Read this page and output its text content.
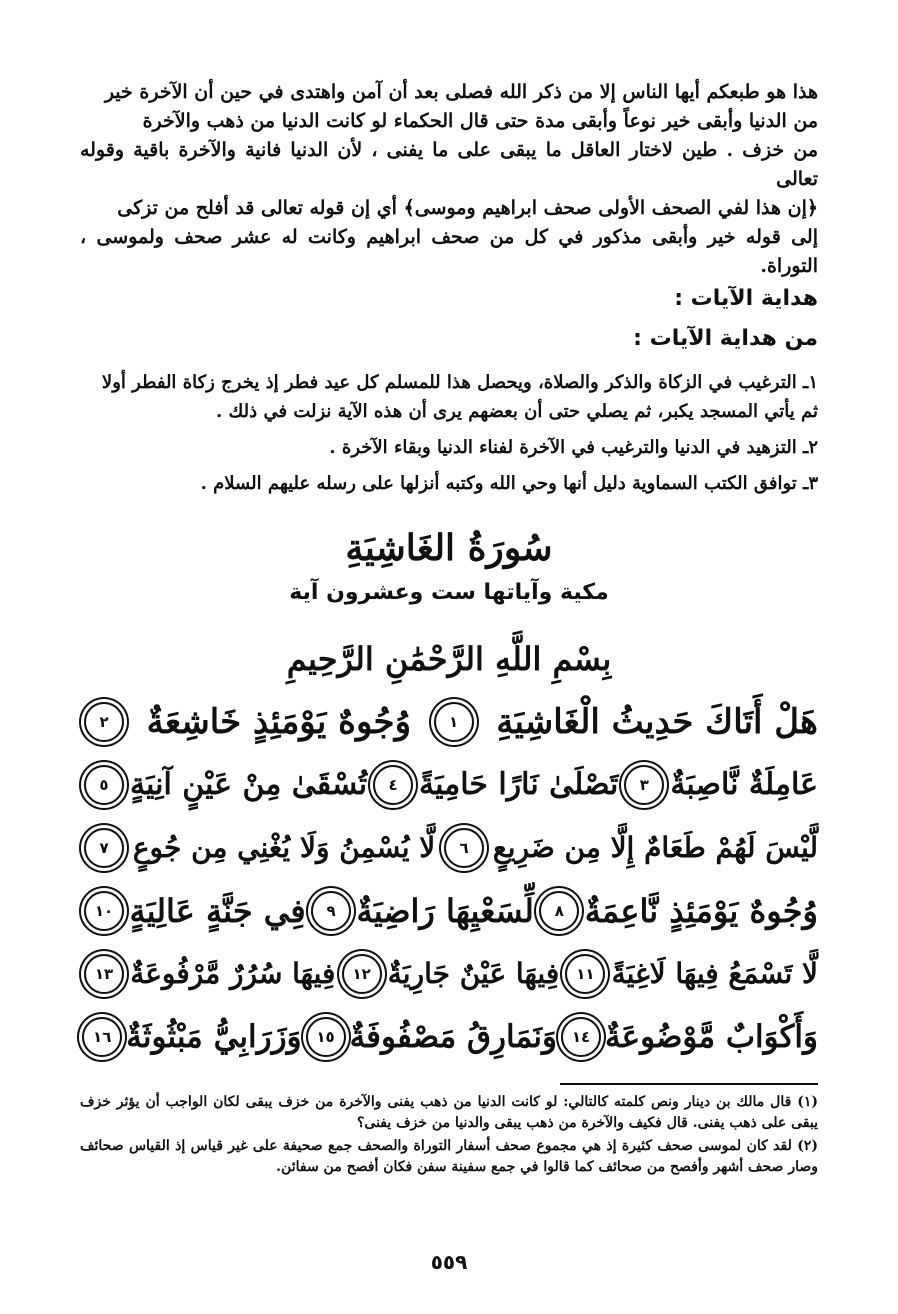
هذا هو طبعكم أيها الناس إلا من ذكر الله فصلى بعد أن آمن واهتدى في حين أن الآخرة خير
من الدنيا وأبقى خير نوعاً وأبقى مدة حتى قال الحكماء لو كانت الدنيا من ذهب والآخرة
من خزف . طين لاختار العاقل ما يبقى على ما يفنى ، لأن الدنيا فانية والآخرة باقية وقوله تعالى
﴿إن هذا لفي الصحف الأولى صحف ابراهيم وموسى﴾ أي إن قوله تعالى قد أفلح من تزكى
إلى قوله خير وأبقى مذكور في كل من صحف ابراهيم وكانت له عشر صحف ولموسى ، التوراة.
هداية الآيات :
من هداية الآيات :

١ـ الترغيب في الزكاة والذكر والصلاة، ويحصل هذا للمسلم كل عيد فطر إذ يخرج زكاة الفطر أولا ثم يأتي المسجد يكبر، ثم يصلي حتى أن بعضهم يرى أن هذه الآية نزلت في ذلك .

٢ـ التزهيد في الدنيا والترغيب في الآخرة لفناء الدنيا وبقاء الآخرة .

٣ـ توافق الكتب السماوية دليل أنها وحي الله وكتبه أنزلها على رسله عليهم السلام .

سُورَةُ الغَاشِيَةِ
مكية وآياتها ست وعشرون آية
بِسْمِ اللَّهِ الرَّحْمَٰنِ الرَّحِيمِ
هَلْ أَتَاكَ حَدِيثُ الْغَاشِيَةِ
١
وُجُوهٌ يَوْمَئِذٍ خَاشِعَةٌ
٢
عَامِلَةٌ نَّاصِبَةٌ
٣
تَصْلَىٰ نَارًا حَامِيَةً
٤
تُسْقَىٰ مِنْ عَيْنٍ آنِيَةٍ
٥
لَّيْسَ لَهُمْ طَعَامٌ إِلَّا مِن ضَرِيعٍ
٦
لَّا يُسْمِنُ وَلَا يُغْنِي مِن جُوعٍ
٧
وُجُوهٌ يَوْمَئِذٍ نَّاعِمَةٌ
٨
لِّسَعْيِهَا رَاضِيَةٌ
٩
فِي جَنَّةٍ عَالِيَةٍ
١٠
لَّا تَسْمَعُ فِيهَا لَاغِيَةً
١١
فِيهَا عَيْنٌ جَارِيَةٌ
١٢
فِيهَا سُرُرٌ مَّرْفُوعَةٌ
١٣
وَأَكْوَابٌ مَّوْضُوعَةٌ
١٤
وَنَمَارِقُ مَصْفُوفَةٌ
١٥
وَزَرَابِيُّ مَبْثُوثَةٌ
١٦

(١) قال مالك بن دينار ونص كلمته كالتالي: لو كانت الدنيا من ذهب يفنى والآخرة من خزف يبقى لكان الواجب أن يؤثر خزف يبقى على ذهب يفنى. قال فكيف والآخرة من ذهب يبقى والدنيا من خزف يفنى؟

(٢) لقد كان لموسى صحف كثيرة إذ هي مجموع صحف أسفار التوراة والصحف جمع صحيفة على غير قياس إذ القياس صحائف وصار صحف أشهر وأفصح من صحائف كما قالوا في جمع سفينة سفن فكان أفصح من سفائن.

٥٥٩
